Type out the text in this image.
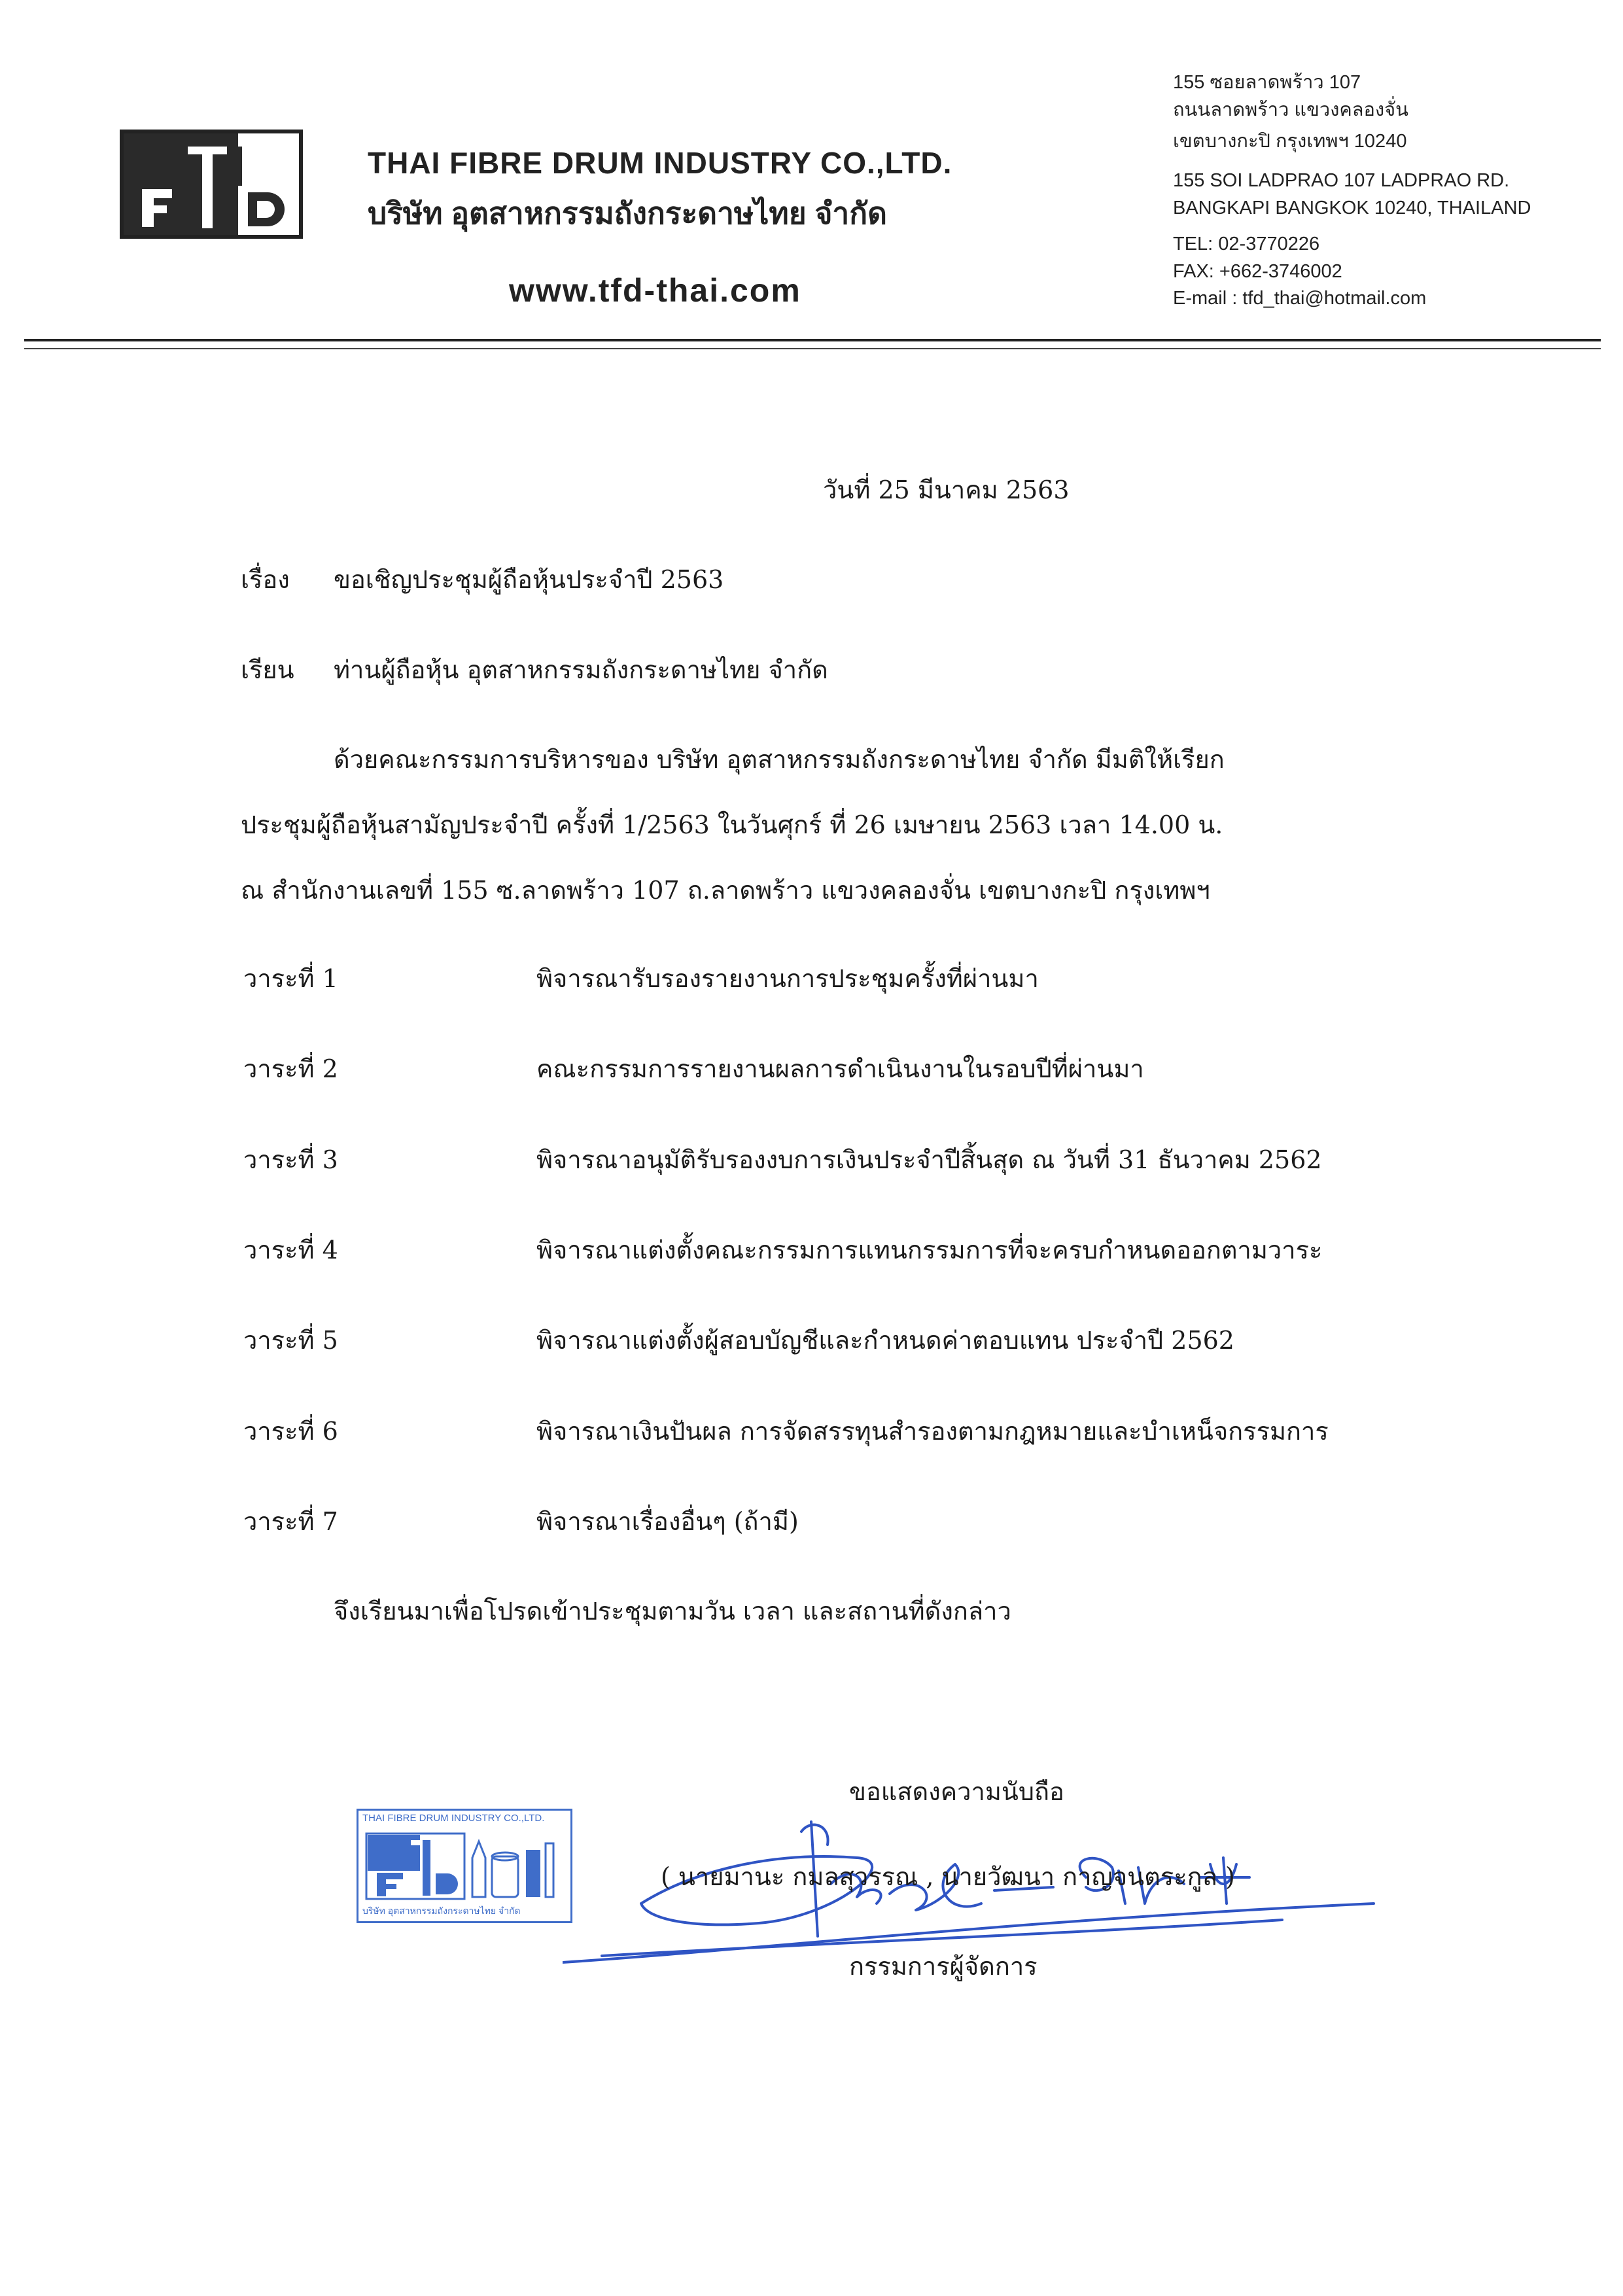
THAI FIBRE DRUM INDUSTRY CO.,LTD.
บริษัท อุตสาหกรรมถังกระดาษไทย จำกัด
www.tfd-thai.com
155 ซอยลาดพร้าว 107
ถนนลาดพร้าว แขวงคลองจั่น
เขตบางกะปิ กรุงเทพฯ 10240
155 SOI LADPRAO 107 LADPRAO RD.
BANGKAPI BANGKOK 10240, THAILAND
TEL: 02-3770226
FAX: +662-3746002
E-mail : tfd_thai@hotmail.com
วันที่ 25 มีนาคม 2563
เรื่อง ขอเชิญประชุมผู้ถือหุ้นประจำปี 2563
เรียน ท่านผู้ถือหุ้น อุตสาหกรรมถังกระดาษไทย จำกัด
ด้วยคณะกรรมการบริหารของ บริษัท อุตสาหกรรมถังกระดาษไทย จำกัด มีมติให้เรียก
ประชุมผู้ถือหุ้นสามัญประจำปี ครั้งที่ 1/2563 ในวันศุกร์ ที่ 26 เมษายน 2563 เวลา 14.00 น.
ณ สำนักงานเลขที่ 155 ซ.ลาดพร้าว 107 ถ.ลาดพร้าว แขวงคลองจั่น เขตบางกะปิ กรุงเทพฯ
วาระที่ 1	พิจารณารับรองรายงานการประชุมครั้งที่ผ่านมา
วาระที่ 2	คณะกรรมการรายงานผลการดำเนินงานในรอบปีที่ผ่านมา
วาระที่ 3	พิจารณาอนุมัติรับรองงบการเงินประจำปีสิ้นสุด ณ วันที่ 31 ธันวาคม 2562
วาระที่ 4	พิจารณาแต่งตั้งคณะกรรมการแทนกรรมการที่จะครบกำหนดออกตามวาระ
วาระที่ 5	พิจารณาแต่งตั้งผู้สอบบัญชีและกำหนดค่าตอบแทน ประจำปี 2562
วาระที่ 6	พิจารณาเงินปันผล การจัดสรรทุนสำรองตามกฎหมายและบำเหน็จกรรมการ
วาระที่ 7	พิจารณาเรื่องอื่นๆ (ถ้ามี)
จึงเรียนมาเพื่อโปรดเข้าประชุมตามวัน เวลา และสถานที่ดังกล่าว
ขอแสดงความนับถือ
THAI FIBRE DRUM INDUSTRY CO.,LTD.
บริษัท อุตสาหกรรมถังกระดาษไทย จำกัด
( นายมานะ กมลสุวรรณ , นายวัฒนา กาญจนตระกูล )
กรรมการผู้จัดการ
